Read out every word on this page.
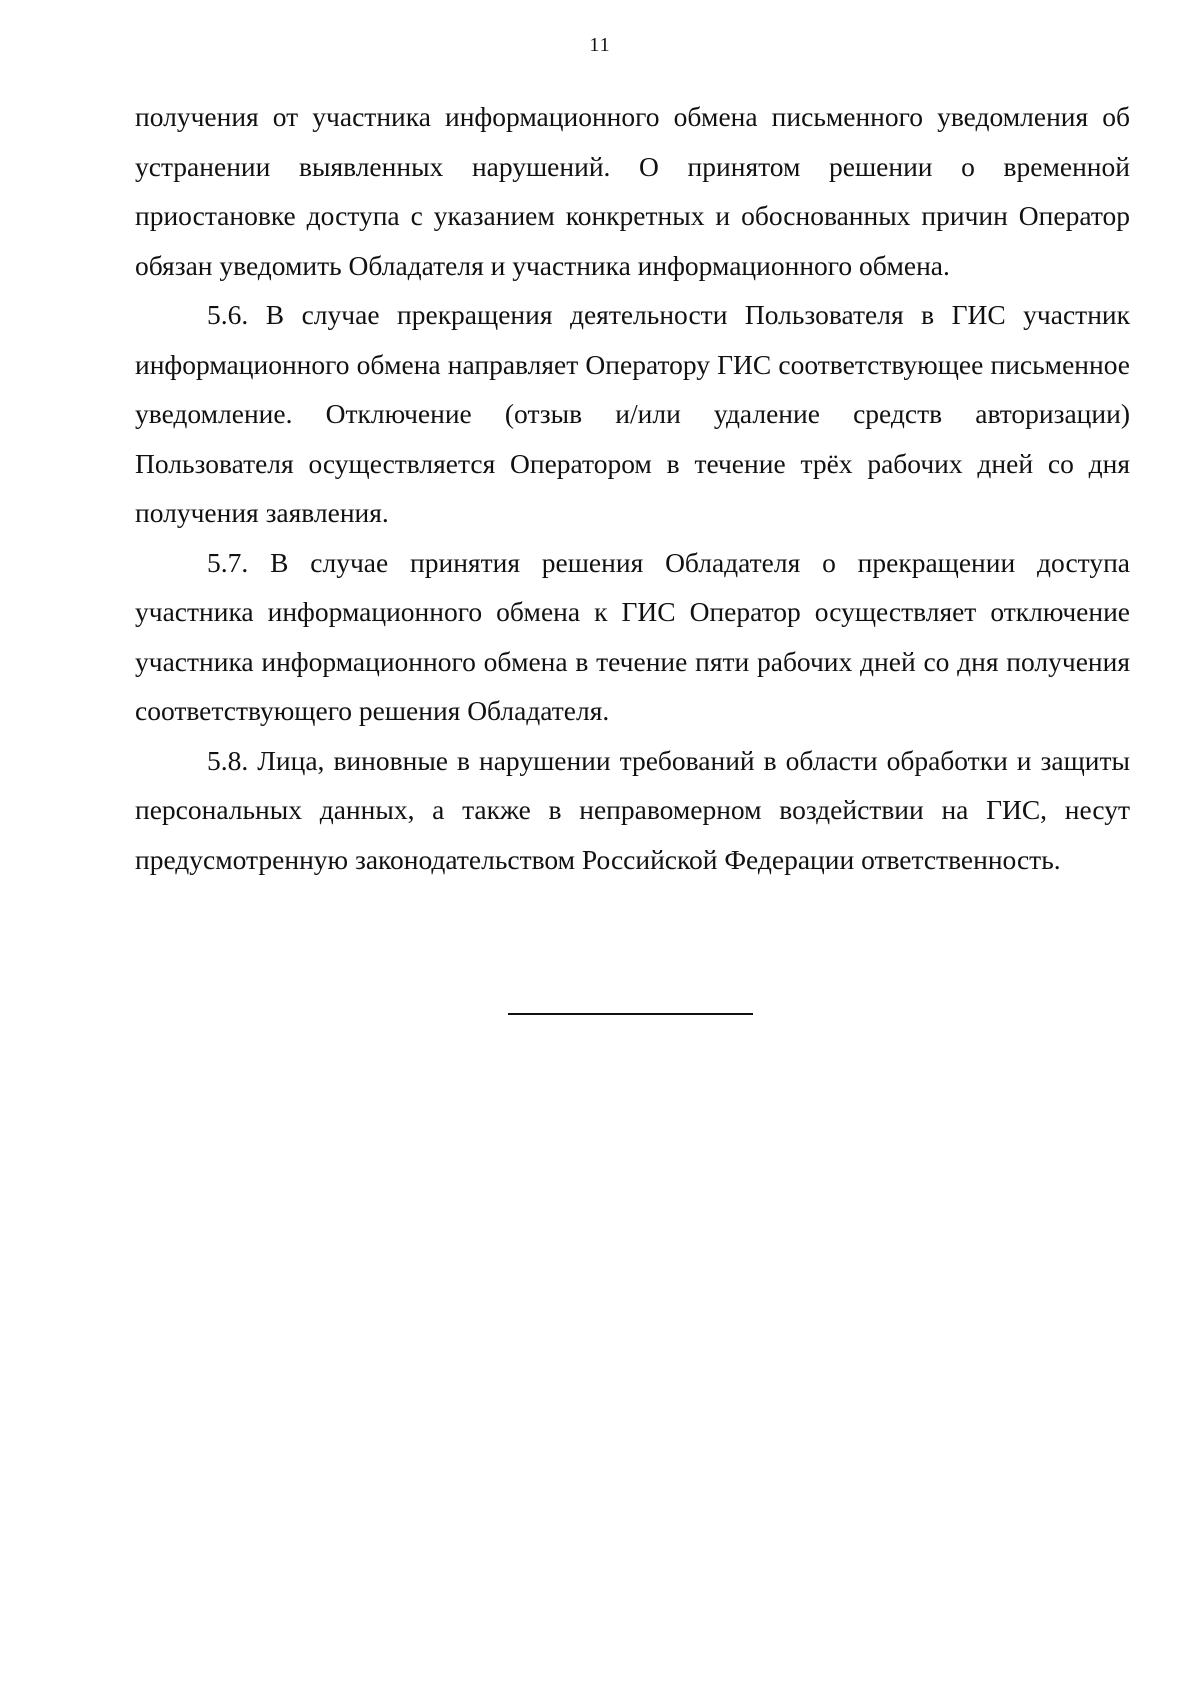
11

получения от участника информационного обмена письменного уведомления об устранении выявленных нарушений. О принятом решении о временной приостановке доступа с указанием конкретных и обоснованных причин Оператор обязан уведомить Обладателя и участника информационного обмена.

5.6. В случае прекращения деятельности Пользователя в ГИС участник информационного обмена направляет Оператору ГИС соответствующее письменное уведомление. Отключение (отзыв и/или удаление средств авторизации) Пользователя осуществляется Оператором в течение трёх рабочих дней со дня получения заявления.

5.7. В случае принятия решения Обладателя о прекращении доступа участника информационного обмена к ГИС Оператор осуществляет отключение участника информационного обмена в течение пяти рабочих дней со дня получения соответствующего решения Обладателя.

5.8. Лица, виновные в нарушении требований в области обработки и защиты персональных данных, а также в неправомерном воздействии на ГИС, несут предусмотренную законодательством Российской Федерации ответственность.
